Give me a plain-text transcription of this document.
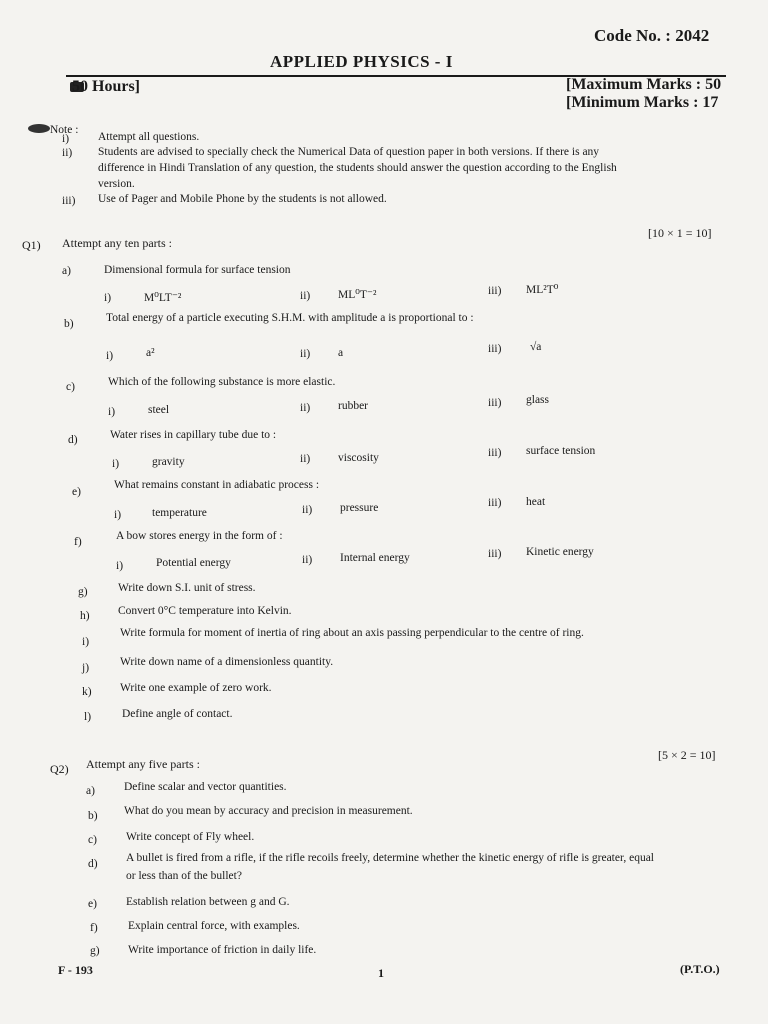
Code No. : 2042
APPLIED PHYSICS - I
50 Hours]	[Maximum Marks : 50
[Minimum Marks : 17
Note :
i)	Attempt all questions.
ii) Students are advised to specially check the Numerical Data of question paper in both versions. If there is any
difference in Hindi Translation of any question, the students should answer the question according to the English
version.
iii) Use of Pager and Mobile Phone by the students is not allowed.
Q1) Attempt any ten parts :
[10 × 1 = 10]
a)	Dimensional formula for surface tension
i)	M⁰LT⁻²	ii) ML⁰T⁻²	iii) ML²T⁰
b)	Total energy of a particle executing S.H.M. with amplitude a is proportional to :
i)	a²	ii) a	iii) √a
c)	Which of the following substance is more elastic.
i)	steel	ii) rubber	iii) glass
d)	Water rises in capillary tube due to :
i)	gravity	ii) viscosity	iii) surface tension
e)
What remains constant in adiabatic process :
i)	temperature	ii) pressure	iii) heat
f)	A bow stores energy in the form of :
i)	Potential energy	ii) Internal energy	iii) Kinetic energy
g)	Write down S.I. unit of stress.
h) Convert 0°C temperature into Kelvin.
i)
Write formula for moment of inertia of ring about an axis passing perpendicular to the centre of ring.
j)	Write down name of a dimensionless quantity.
k) Write one example of zero work.
l)	Define angle of contact.
Q2) Attempt any five parts :
[5 × 2 = 10]
a)	Define scalar and vector quantities.
b) What do you mean by accuracy and precision in measurement.
c)	Write concept of Fly wheel.
d) A bullet is fired from a rifle, if the rifle recoils freely, determine whether the kinetic energy of rifle is greater, equal
or less than of the bullet?
e)	Establish relation between g and G.
f)	Explain central force, with examples.
g) Write importance of friction in daily life.
F - 193	1	(P.T.O.)
